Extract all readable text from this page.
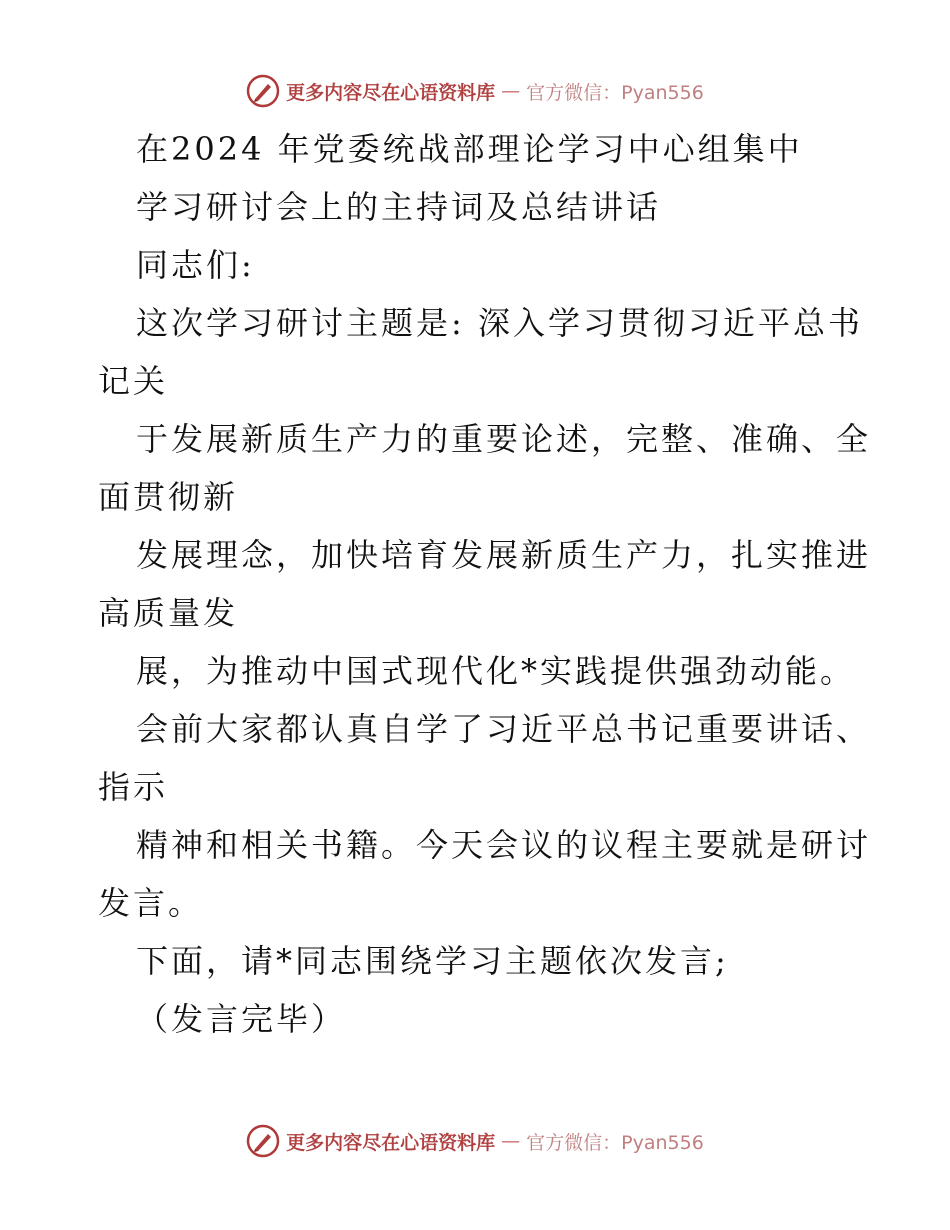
更多内容尽在心语资料库 — 官方微信：Pyan556
在2024 年党委统战部理论学习中心组集中
学习研讨会上的主持词及总结讲话
同志们:
这次学习研讨主题是: 深入学习贯彻习近平总书
记关
于发展新质生产力的重要论述，完整、准确、全
面贯彻新
发展理念，加快培育发展新质生产力，扎实推进
高质量发
展，为推动中国式现代化*实践提供强劲动能。
会前大家都认真自学了习近平总书记重要讲话、
指示
精神和相关书籍。今天会议的议程主要就是研讨
发言。
下面，请*同志围绕学习主题依次发言;
（发言完毕）
更多内容尽在心语资料库 — 官方微信：Pyan556
